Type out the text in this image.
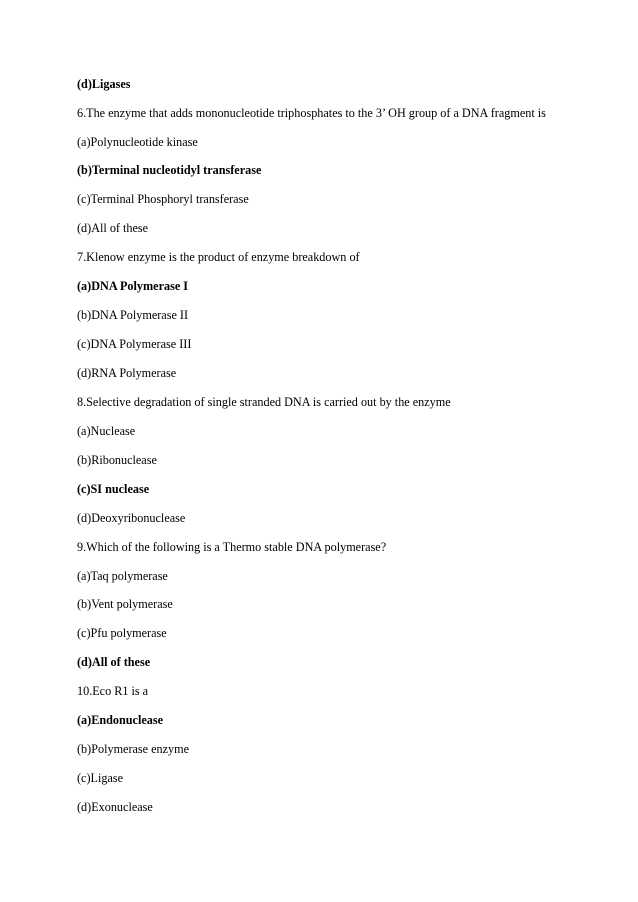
(d)Ligases
6.The enzyme that adds mononucleotide triphosphates to the 3’ OH group of a DNA fragment is
(a)Polynucleotide kinase
(b)Terminal nucleotidyl transferase
(c)Terminal Phosphoryl transferase
(d)All of these
7.Klenow enzyme is the product of enzyme breakdown of
(a)DNA Polymerase I
(b)DNA Polymerase II
(c)DNA Polymerase III
(d)RNA Polymerase
8.Selective degradation of single stranded DNA is carried out by the enzyme
(a)Nuclease
(b)Ribonuclease
(c)SI nuclease
(d)Deoxyribonuclease
9.Which of the following is a Thermo stable DNA polymerase?
(a)Taq polymerase
(b)Vent polymerase
(c)Pfu polymerase
(d)All of these
10.Eco R1 is a
(a)Endonuclease
(b)Polymerase enzyme
(c)Ligase
(d)Exonuclease
